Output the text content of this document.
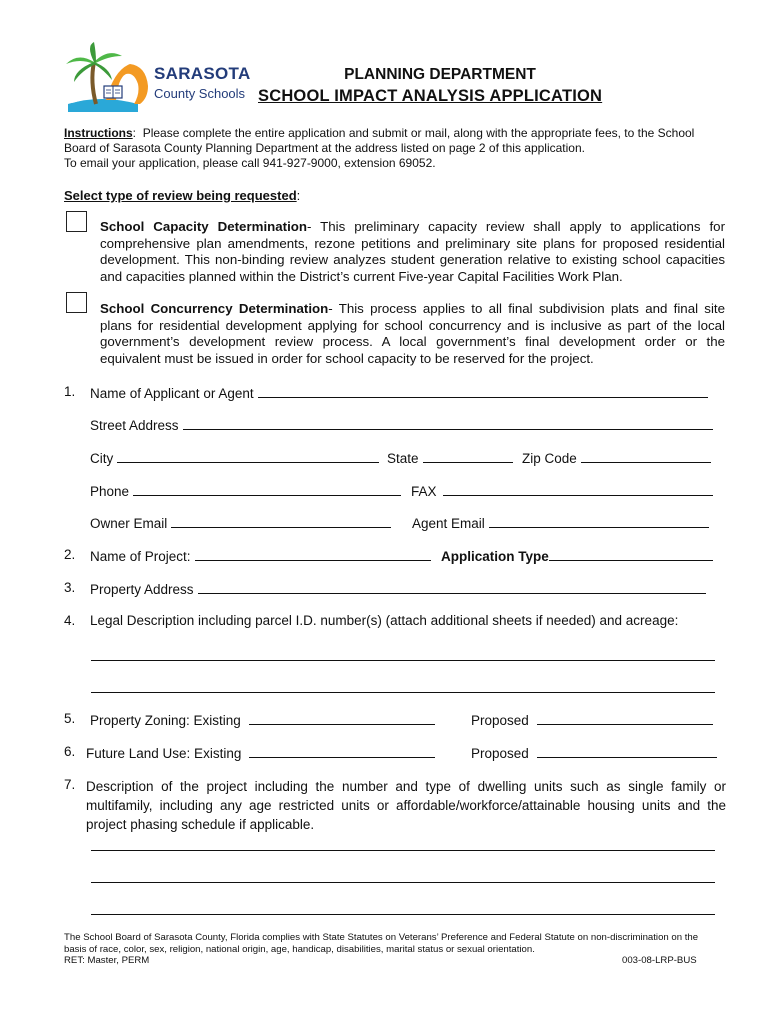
SARASOTA
County Schools
PLANNING DEPARTMENT
SCHOOL IMPACT ANALYSIS APPLICATION
Instructions: Please complete the entire application and submit or mail, along with the appropriate fees, to the School
Board of Sarasota County Planning Department at the address listed on page 2 of this application.
To email your application, please call 941-927-9000, extension 69052.
Select type of review being requested:
School Capacity Determination- This preliminary capacity review shall apply to applications for comprehensive plan amendments, rezone petitions and preliminary site plans for proposed residential development. This non-binding review analyzes student generation relative to existing school capacities and capacities planned within the District’s current Five-year Capital Facilities Work Plan.
School Concurrency Determination- This process applies to all final subdivision plats and final site plans for residential development applying for school concurrency and is inclusive as part of the local government’s development review process. A local government’s final development order or the equivalent must be issued in order for school capacity to be reserved for the project.
1. Name of Applicant or Agent
Street Address
City	State	Zip Code
Phone	FAX
Owner Email	Agent Email
2. Name of Project:	Application Type
3. Property Address
4. Legal Description including parcel I.D. number(s) (attach additional sheets if needed) and acreage:
5. Property Zoning: Existing	Proposed
6. Future Land Use: Existing	Proposed
7. Description of the project including the number and type of dwelling units such as single family or multifamily, including any age restricted units or affordable/workforce/attainable housing units and the project phasing schedule if applicable.
The School Board of Sarasota County, Florida complies with State Statutes on Veterans’ Preference and Federal Statute on non-discrimination on the
basis of race, color, sex, religion, national origin, age, handicap, disabilities, marital status or sexual orientation.
RET: Master, PERM	003-08-LRP-BUS
